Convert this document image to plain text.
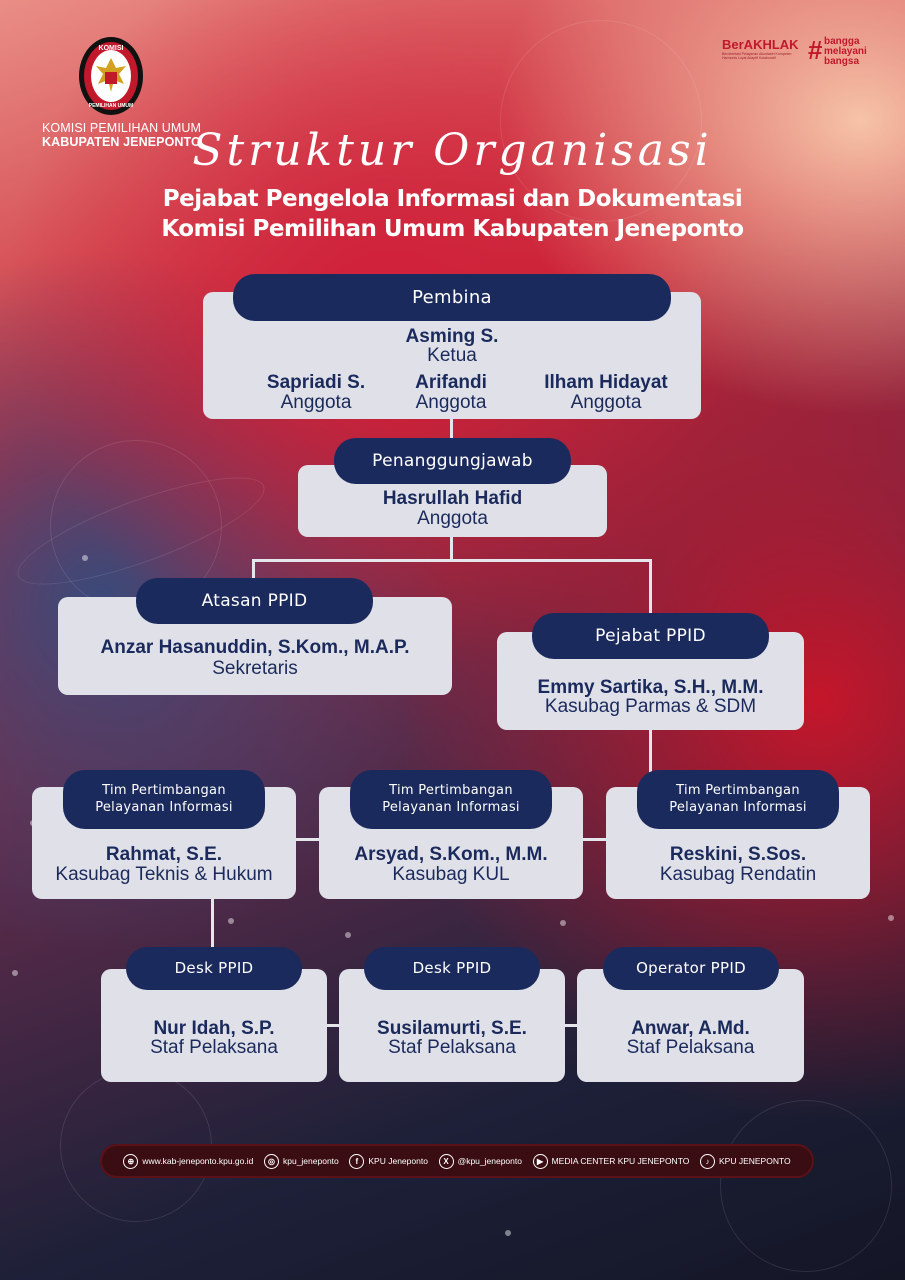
KOMISI
PEMILIHAN UMUM
KOMISI PEMILIHAN UMUM
KABUPATEN JENEPONTO
BerAKHLAK
Berorientasi Pelayanan Akuntabel Kompeten Harmonis Loyal Adaptif Kolaboratif	# bangga
melayani
bangsa
Struktur Organisasi
Pejabat Pengelola Informasi dan Dokumentasi
Komisi Pemilihan Umum Kabupaten Jeneponto
Asming S.
Ketua
Sapriadi S.
Anggota
Arifandi
Anggota
Ilham Hidayat
Anggota
Pembina
Hasrullah Hafid
Anggota
Penanggungjawab
Anzar Hasanuddin, S.Kom., M.A.P.
Sekretaris
Atasan PPID
Emmy Sartika, S.H., M.M.
Kasubag Parmas & SDM
Pejabat PPID
Rahmat, S.E.
Kasubag Teknis & Hukum
Tim Pertimbangan
Pelayanan Informasi
Arsyad, S.Kom., M.M.
Kasubag KUL
Tim Pertimbangan
Pelayanan Informasi
Reskini, S.Sos.
Kasubag Rendatin
Tim Pertimbangan
Pelayanan Informasi
Nur Idah, S.P.
Staf Pelaksana
Desk PPID
Susilamurti, S.E.
Staf Pelaksana
Desk PPID
Anwar, A.Md.
Staf Pelaksana
Operator PPID
⊕ www.kab-jeneponto.kpu.go.id	◎ kpu_jeneponto	f	KPU Jeneponto	X	@kpu_jeneponto	▶ MEDIA CENTER KPU JENEPONTO	♪	KPU JENEPONTO
